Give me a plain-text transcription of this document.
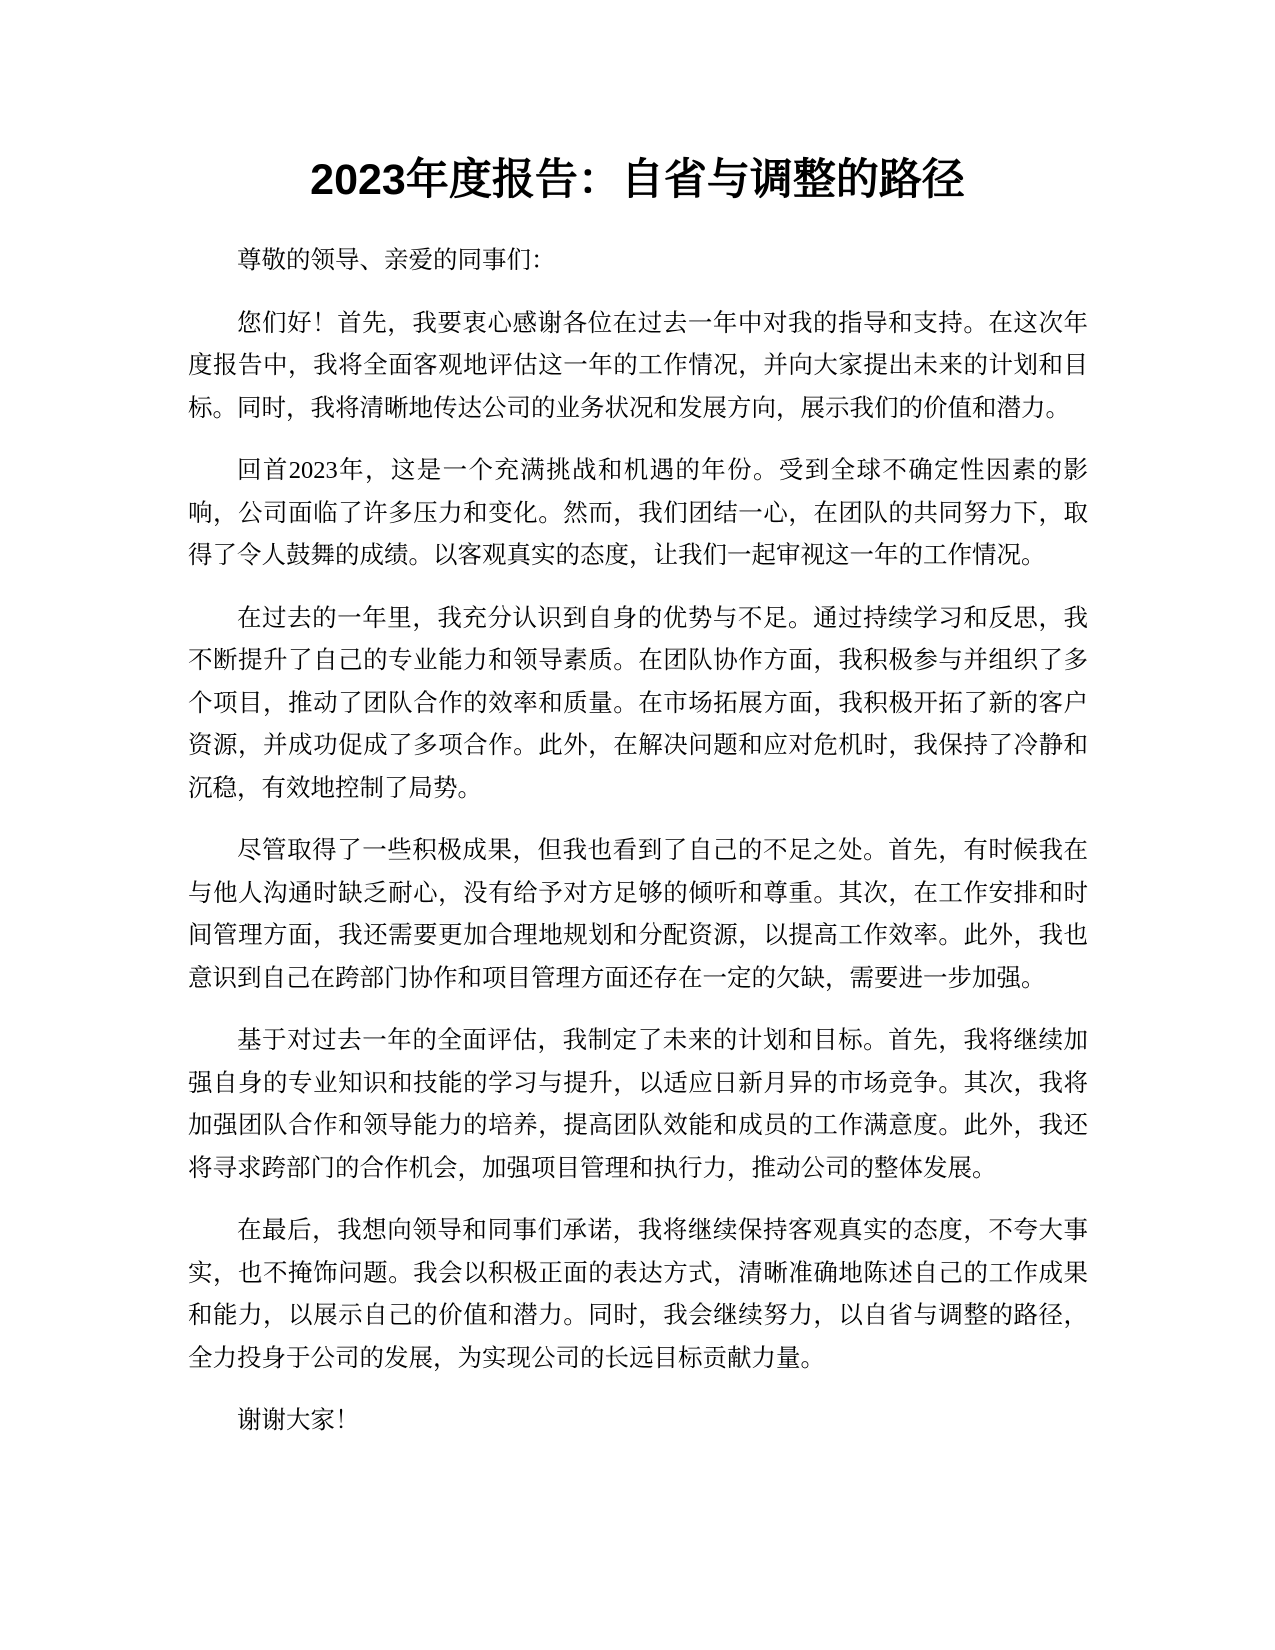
2023年度报告：自省与调整的路径

尊敬的领导、亲爱的同事们：

您们好！首先，我要衷心感谢各位在过去一年中对我的指导和支持。在这次年度报告中，我将全面客观地评估这一年的工作情况，并向大家提出未来的计划和目标。同时，我将清晰地传达公司的业务状况和发展方向，展示我们的价值和潜力。

回首2023年，这是一个充满挑战和机遇的年份。受到全球不确定性因素的影响，公司面临了许多压力和变化。然而，我们团结一心，在团队的共同努力下，取得了令人鼓舞的成绩。以客观真实的态度，让我们一起审视这一年的工作情况。

在过去的一年里，我充分认识到自身的优势与不足。通过持续学习和反思，我不断提升了自己的专业能力和领导素质。在团队协作方面，我积极参与并组织了多个项目，推动了团队合作的效率和质量。在市场拓展方面，我积极开拓了新的客户资源，并成功促成了多项合作。此外，在解决问题和应对危机时，我保持了冷静和沉稳，有效地控制了局势。

尽管取得了一些积极成果，但我也看到了自己的不足之处。首先，有时候我在与他人沟通时缺乏耐心，没有给予对方足够的倾听和尊重。其次，在工作安排和时间管理方面，我还需要更加合理地规划和分配资源，以提高工作效率。此外，我也意识到自己在跨部门协作和项目管理方面还存在一定的欠缺，需要进一步加强。

基于对过去一年的全面评估，我制定了未来的计划和目标。首先，我将继续加强自身的专业知识和技能的学习与提升，以适应日新月异的市场竞争。其次，我将加强团队合作和领导能力的培养，提高团队效能和成员的工作满意度。此外，我还将寻求跨部门的合作机会，加强项目管理和执行力，推动公司的整体发展。

在最后，我想向领导和同事们承诺，我将继续保持客观真实的态度，不夸大事实，也不掩饰问题。我会以积极正面的表达方式，清晰准确地陈述自己的工作成果和能力，以展示自己的价值和潜力。同时，我会继续努力，以自省与调整的路径，全力投身于公司的发展，为实现公司的长远目标贡献力量。

谢谢大家！
